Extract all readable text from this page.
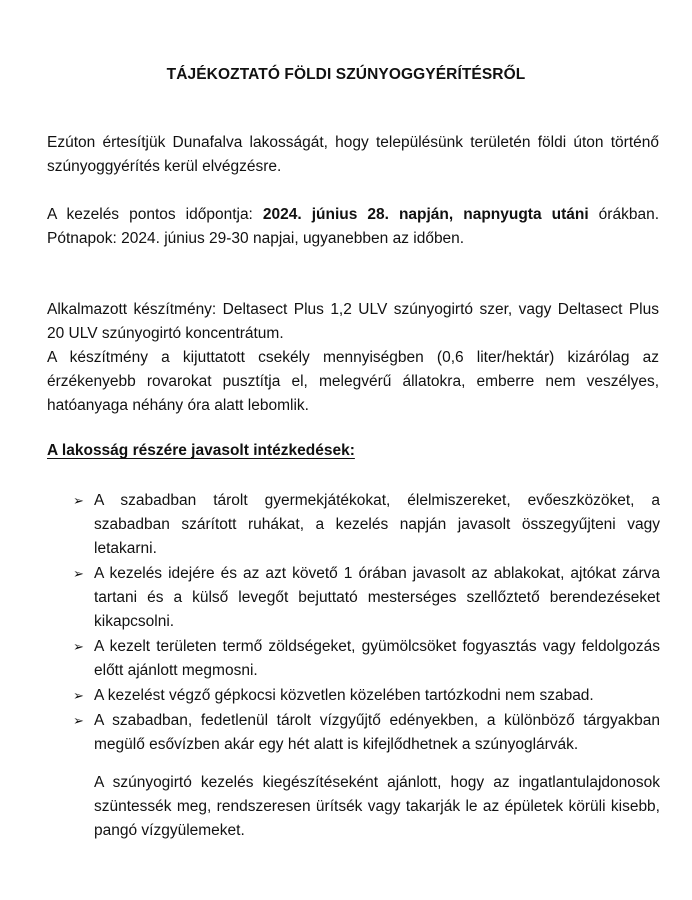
TÁJÉKOZTATÓ FÖLDI SZÚNYOGGYÉRÍTÉSRŐL
Ezúton értesítjük Dunafalva lakosságát, hogy településünk területén földi úton történő szúnyoggyérítés kerül elvégzésre.
A kezelés pontos időpontja: 2024. június 28. napján, napnyugta utáni órákban. Pótnapok: 2024. június 29-30 napjai, ugyanebben az időben.
Alkalmazott készítmény: Deltasect Plus 1,2 ULV szúnyogirtó szer, vagy Deltasect Plus 20 ULV szúnyogirtó koncentrátum.
A készítmény a kijuttatott csekély mennyiségben (0,6 liter/hektár) kizárólag az érzékenyebb rovarokat pusztítja el, melegvérű állatokra, emberre nem veszélyes, hatóanyaga néhány óra alatt lebomlik.
A lakosság részére javasolt intézkedések:
➢ A szabadban tárolt gyermekjátékokat, élelmiszereket, evőeszközöket, a szabadban szárított ruhákat, a kezelés napján javasolt összegyűjteni vagy letakarni.
➢ A kezelés idejére és az azt követő 1 órában javasolt az ablakokat, ajtókat zárva tartani és a külső levegőt bejuttató mesterséges szellőztető berendezéseket kikapcsolni.
➢ A kezelt területen termő zöldségeket, gyümölcsöket fogyasztás vagy feldolgozás előtt ajánlott megmosni.
➢ A kezelést végző gépkocsi közvetlen közelében tartózkodni nem szabad.
➢ A szabadban, fedetlenül tárolt vízgyűjtő edényekben, a különböző tárgyakban megülő esővízben akár egy hét alatt is kifejlődhetnek a szúnyoglárvák.
A szúnyogirtó kezelés kiegészítéseként ajánlott, hogy az ingatlantulajdonosok szüntessék meg, rendszeresen ürítsék vagy takarják le az épületek körüli kisebb, pangó vízgyülemeket.
